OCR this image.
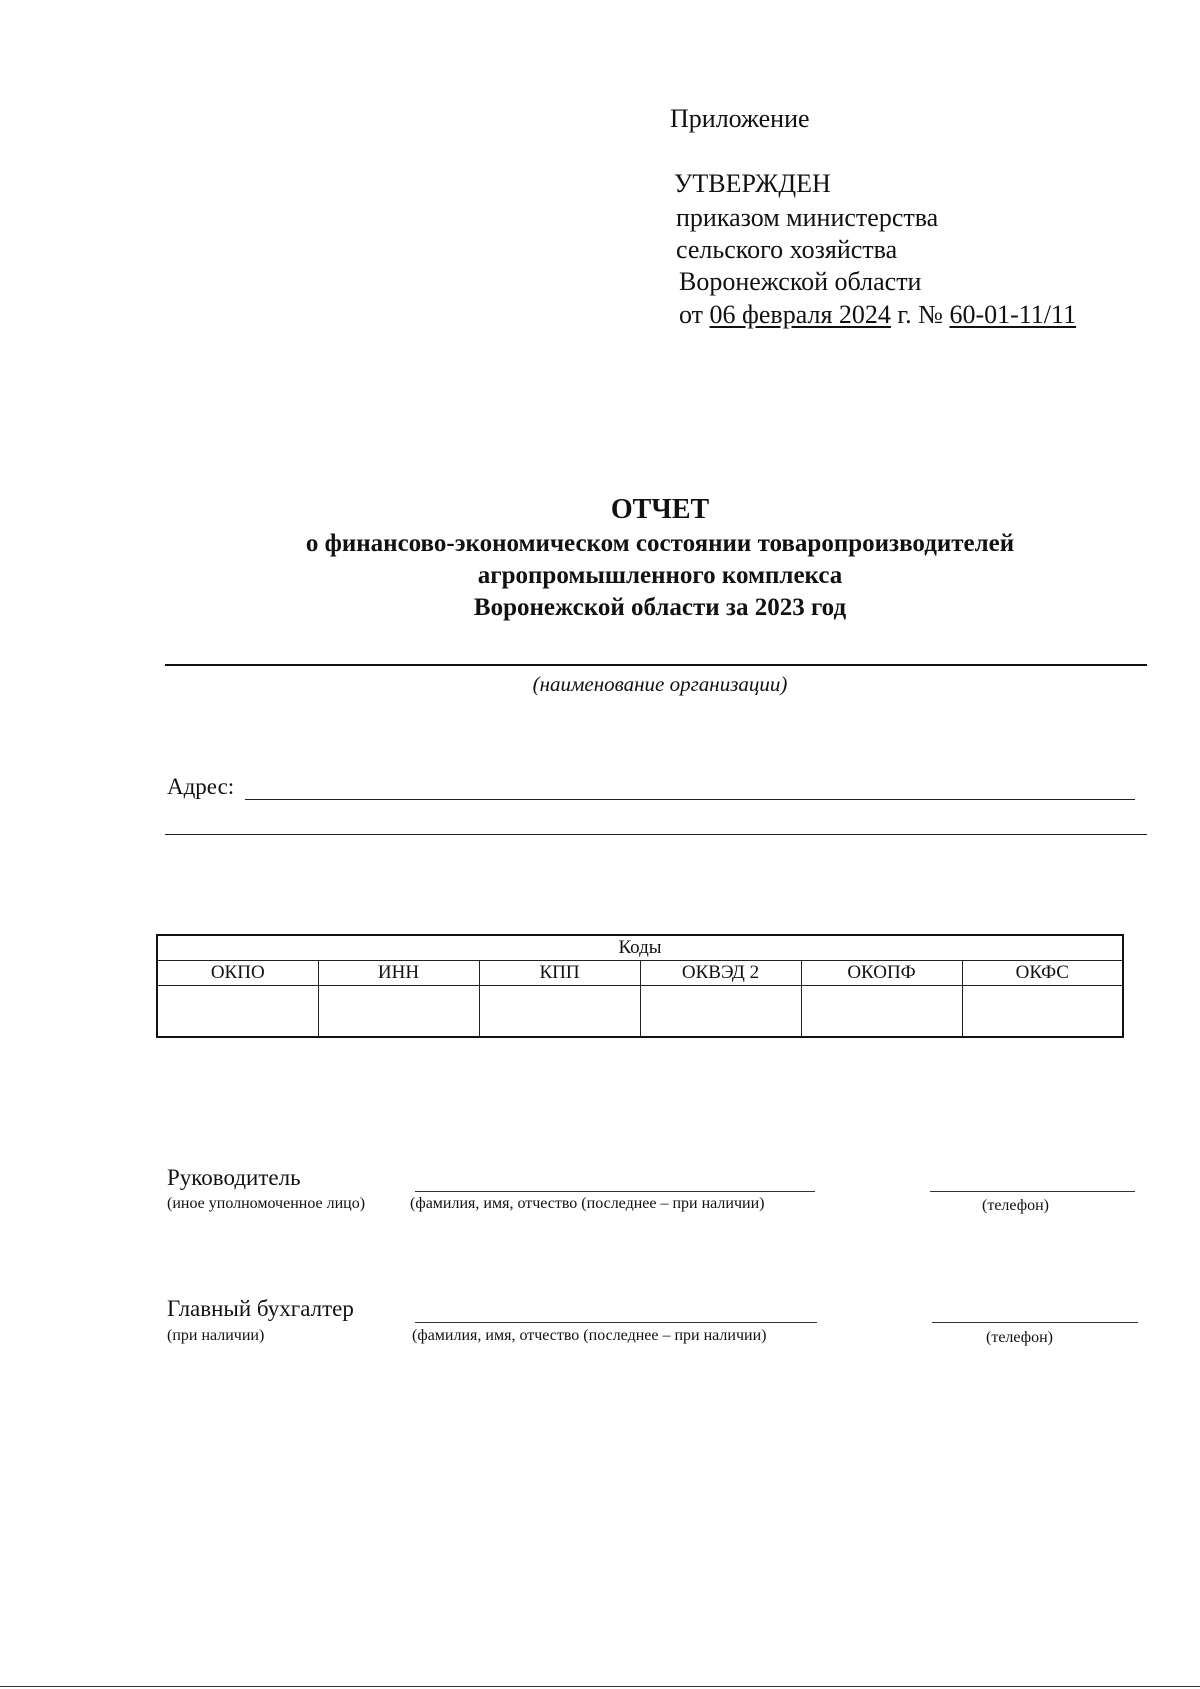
Приложение
УТВЕРЖДЕН
приказом министерства
сельского хозяйства
Воронежской области
от 06 февраля 2024 г. № 60-01-11/11
ОТЧЕТ
о финансово-экономическом состоянии товаропроизводителей
агропромышленного комплекса
Воронежской области за 2023 год
(наименование организации)
Адрес:
Коды					
ОКПО	ИНН	КПП	ОКВЭД 2	ОКОПФ	ОКФС

Руководитель
(иное уполномоченное лицо)	(фамилия, имя, отчество (последнее – при наличии)	(телефон)
Главный бухгалтер
(при наличии)	(фамилия, имя, отчество (последнее – при наличии)	(телефон)
